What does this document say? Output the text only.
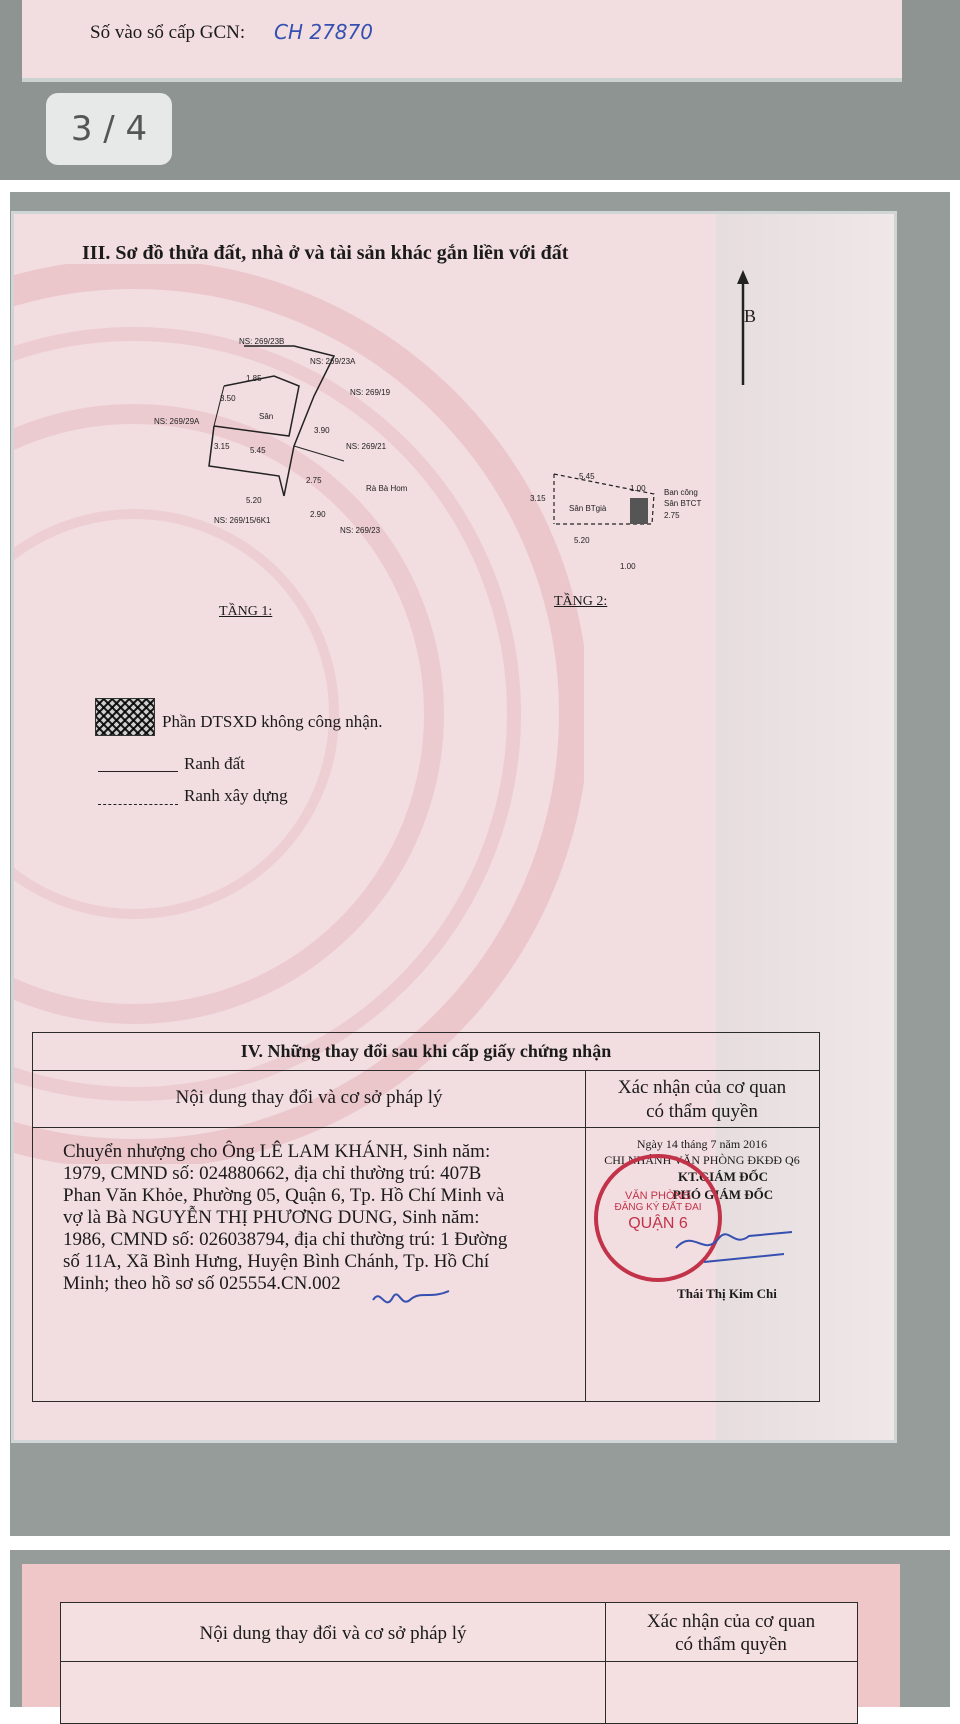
Số vào sổ cấp GCN: CH 27870
3 / 4
III. Sơ đồ thửa đất, nhà ở và tài sản khác gắn liền với đất
B
NS: 269/23B
NS: 269/23A
NS: 269/19
NS: 269/29A
NS: 269/21
Rà Bà Hom
NS: 269/15/6K1
NS: 269/23
Sân
5.45
5.20
3.15
1.85
3.50
3.90
2.75
2.90
TẦNG 1:
5.45
1.00 Ban công
Sân BTCT
Sân BTgià
2.75
3.15
5.20
1.00
TẦNG 2:
Phần DTSXD không công nhận.
Ranh đất
Ranh xây dựng
IV. Những thay đổi sau khi cấp giấy chứng nhận
Nội dung thay đổi và cơ sở pháp lý	Xác nhận của cơ quan
có thẩm quyền
Chuyển nhượng cho Ông LÊ LAM KHÁNH, Sinh năm:
1979, CMND số: 024880662, địa chỉ thường trú: 407B
Phan Văn Khỏe, Phường 05, Quận 6, Tp. Hồ Chí Minh và
vợ là Bà NGUYỄN THỊ PHƯƠNG DUNG, Sinh năm:
1986, CMND số: 026038794, địa chỉ thường trú: 1 Đường
số 11A, Xã Bình Hưng, Huyện Bình Chánh, Tp. Hồ Chí
Minh; theo hồ sơ số 025554.CN.002
Ngày 14 tháng 7 năm 2016
CHI NHÁNH VĂN PHÒNG ĐKĐĐ Q6
KT.GIÁM ĐỐC
PHÓ GIÁM ĐỐC
Thái Thị Kim Chi
VĂN PHÒNG
ĐĂNG KÝ ĐẤT ĐAI
QUẬN 6
Nội dung thay đổi và cơ sở pháp lý
Xác nhận của cơ quan
có thẩm quyền
